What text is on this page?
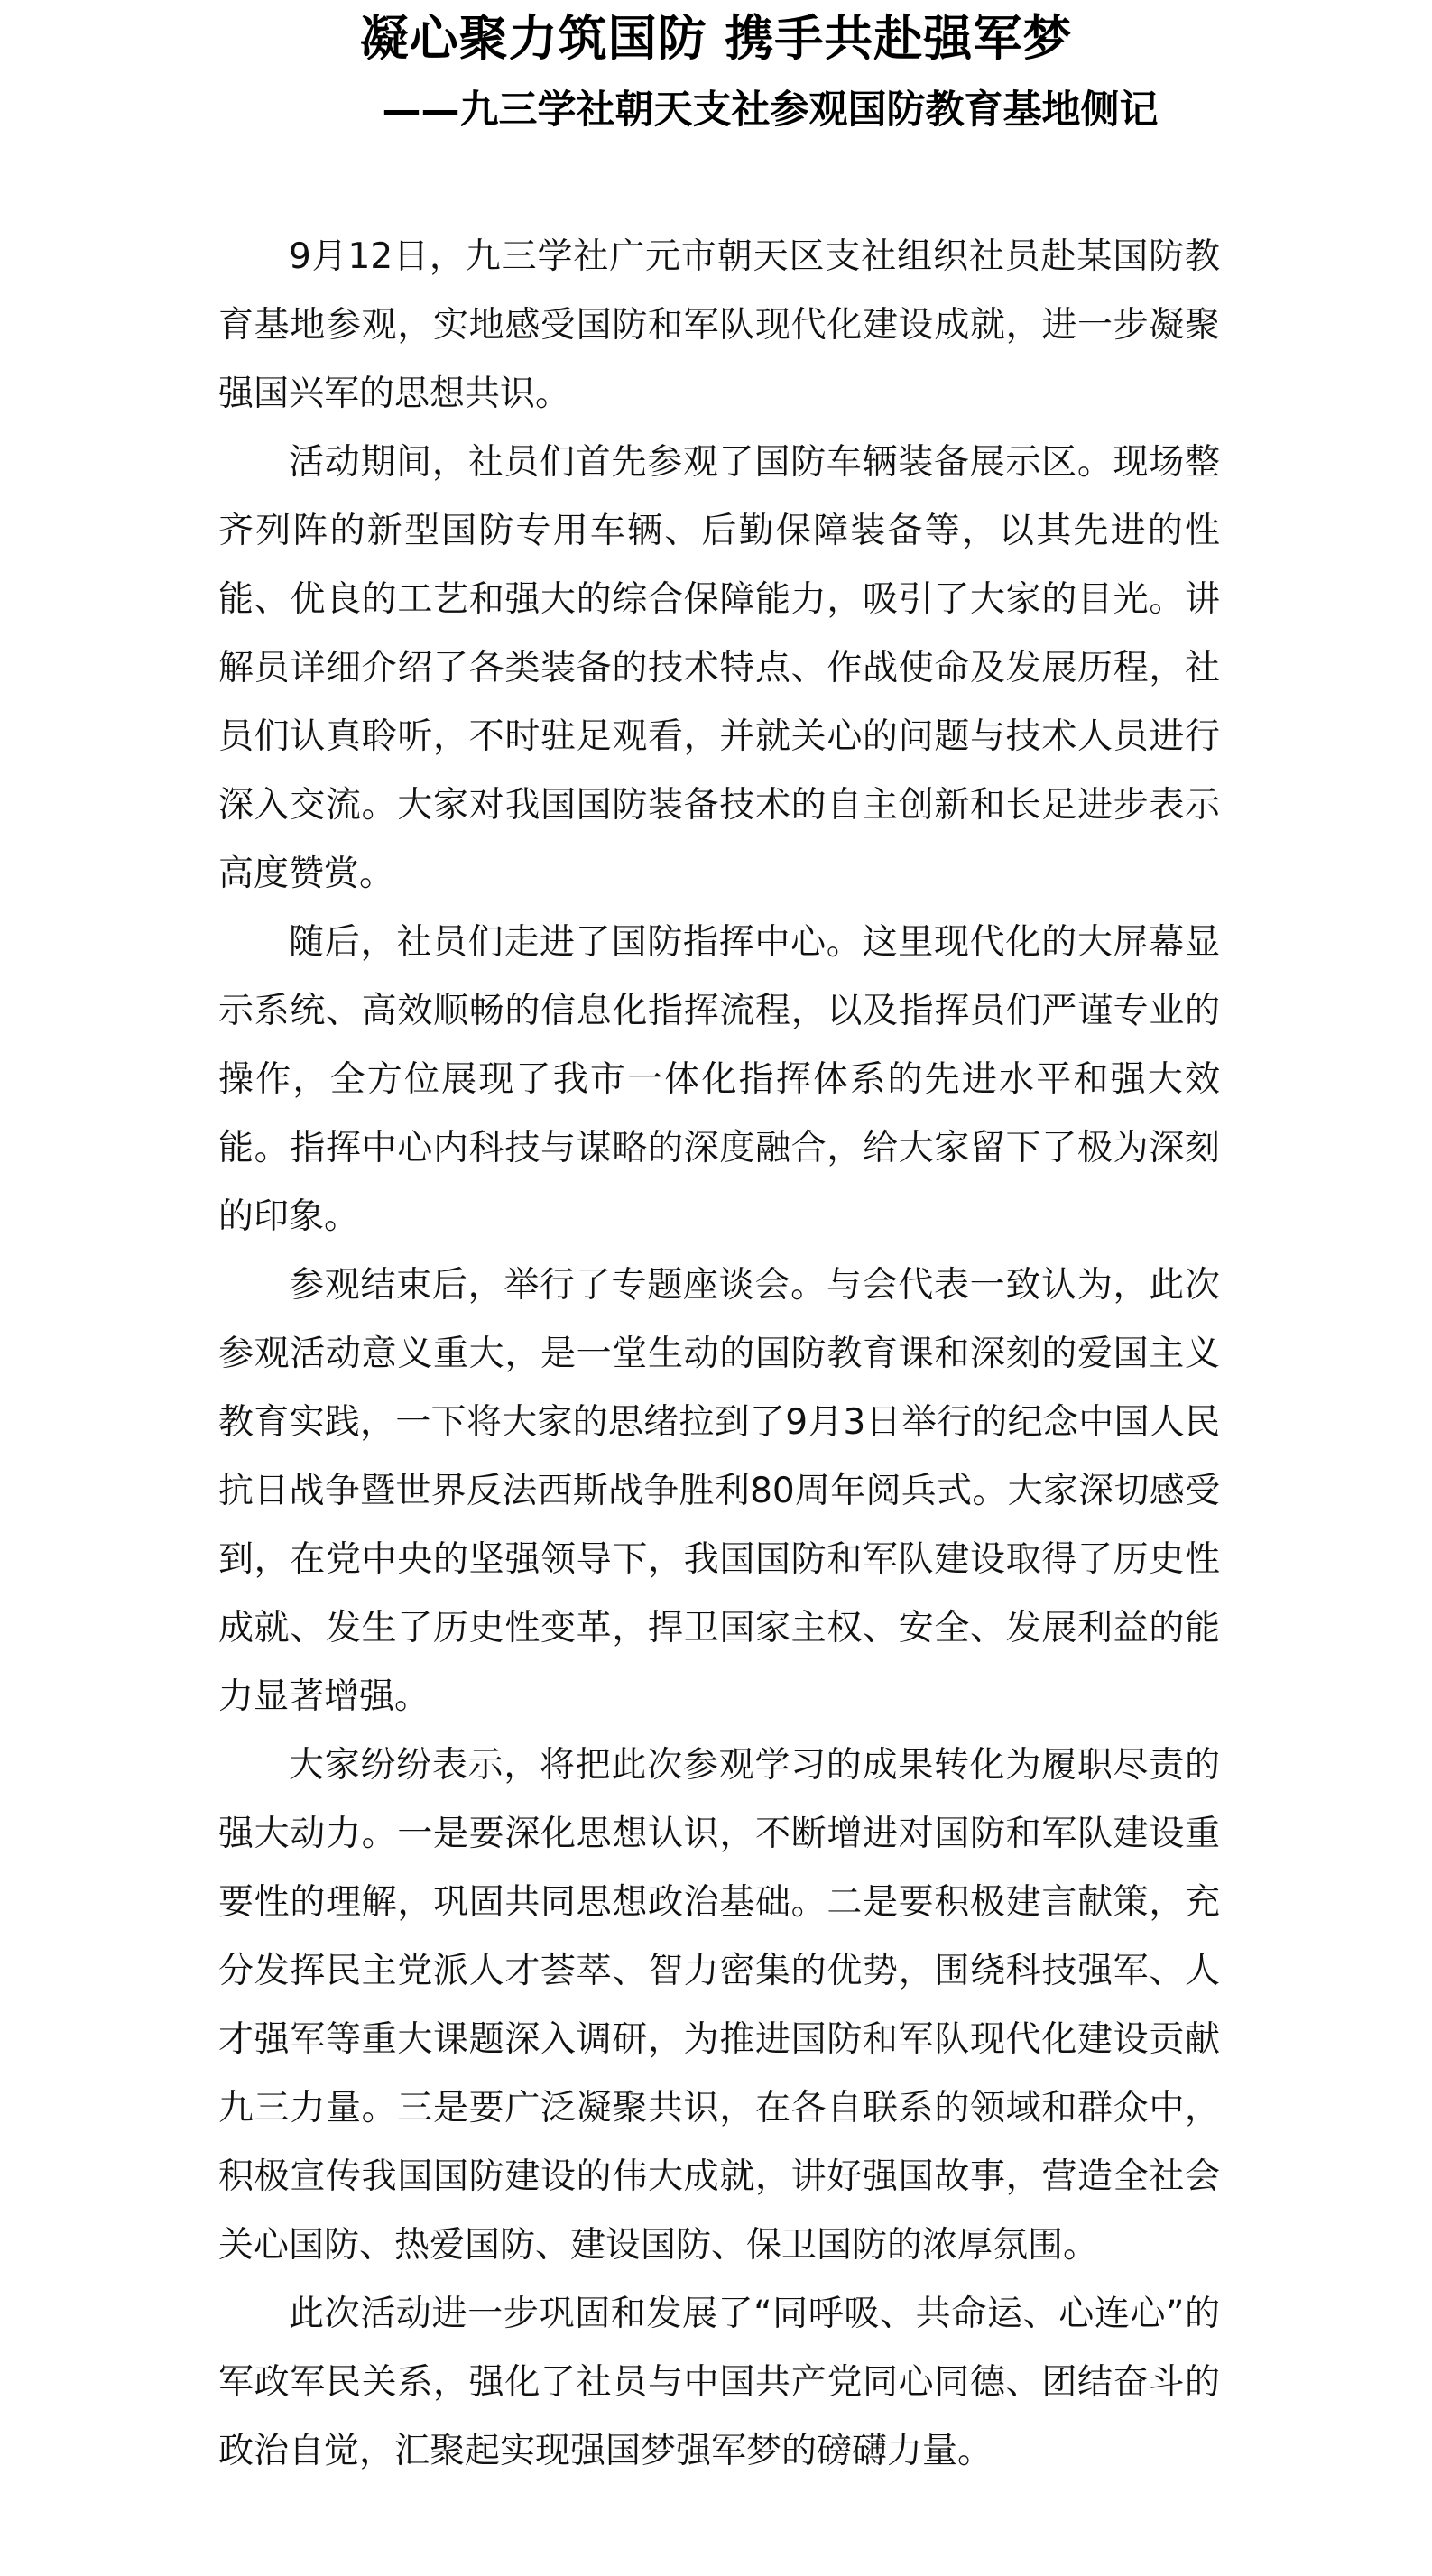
凝心聚力筑国防 携手共赴强军梦
——九三学社朝天支社参观国防教育基地侧记

9月12日，九三学社广元市朝天区支社组织社员赴某国防教育基地参观，实地感受国防和军队现代化建设成就，进一步凝聚强国兴军的思想共识。

活动期间，社员们首先参观了国防车辆装备展示区。现场整齐列阵的新型国防专用车辆、后勤保障装备等，以其先进的性能、优良的工艺和强大的综合保障能力，吸引了大家的目光。讲解员详细介绍了各类装备的技术特点、作战使命及发展历程，社员们认真聆听，不时驻足观看，并就关心的问题与技术人员进行深入交流。大家对我国国防装备技术的自主创新和长足进步表示高度赞赏。

随后，社员们走进了国防指挥中心。这里现代化的大屏幕显示系统、高效顺畅的信息化指挥流程，以及指挥员们严谨专业的操作，全方位展现了我市一体化指挥体系的先进水平和强大效能。指挥中心内科技与谋略的深度融合，给大家留下了极为深刻的印象。

参观结束后，举行了专题座谈会。与会代表一致认为，此次参观活动意义重大，是一堂生动的国防教育课和深刻的爱国主义教育实践，一下将大家的思绪拉到了9月3日举行的纪念中国人民抗日战争暨世界反法西斯战争胜利80周年阅兵式。大家深切感受到，在党中央的坚强领导下，我国国防和军队建设取得了历史性成就、发生了历史性变革，捍卫国家主权、安全、发展利益的能力显著增强。

大家纷纷表示，将把此次参观学习的成果转化为履职尽责的强大动力。一是要深化思想认识，不断增进对国防和军队建设重要性的理解，巩固共同思想政治基础。二是要积极建言献策，充分发挥民主党派人才荟萃、智力密集的优势，围绕科技强军、人才强军等重大课题深入调研，为推进国防和军队现代化建设贡献九三力量。三是要广泛凝聚共识，在各自联系的领域和群众中，积极宣传我国国防建设的伟大成就，讲好强国故事，营造全社会关心国防、热爱国防、建设国防、保卫国防的浓厚氛围。

此次活动进一步巩固和发展了“同呼吸、共命运、心连心”的军政军民关系，强化了社员与中国共产党同心同德、团结奋斗的政治自觉，汇聚起实现强国梦强军梦的磅礴力量。
